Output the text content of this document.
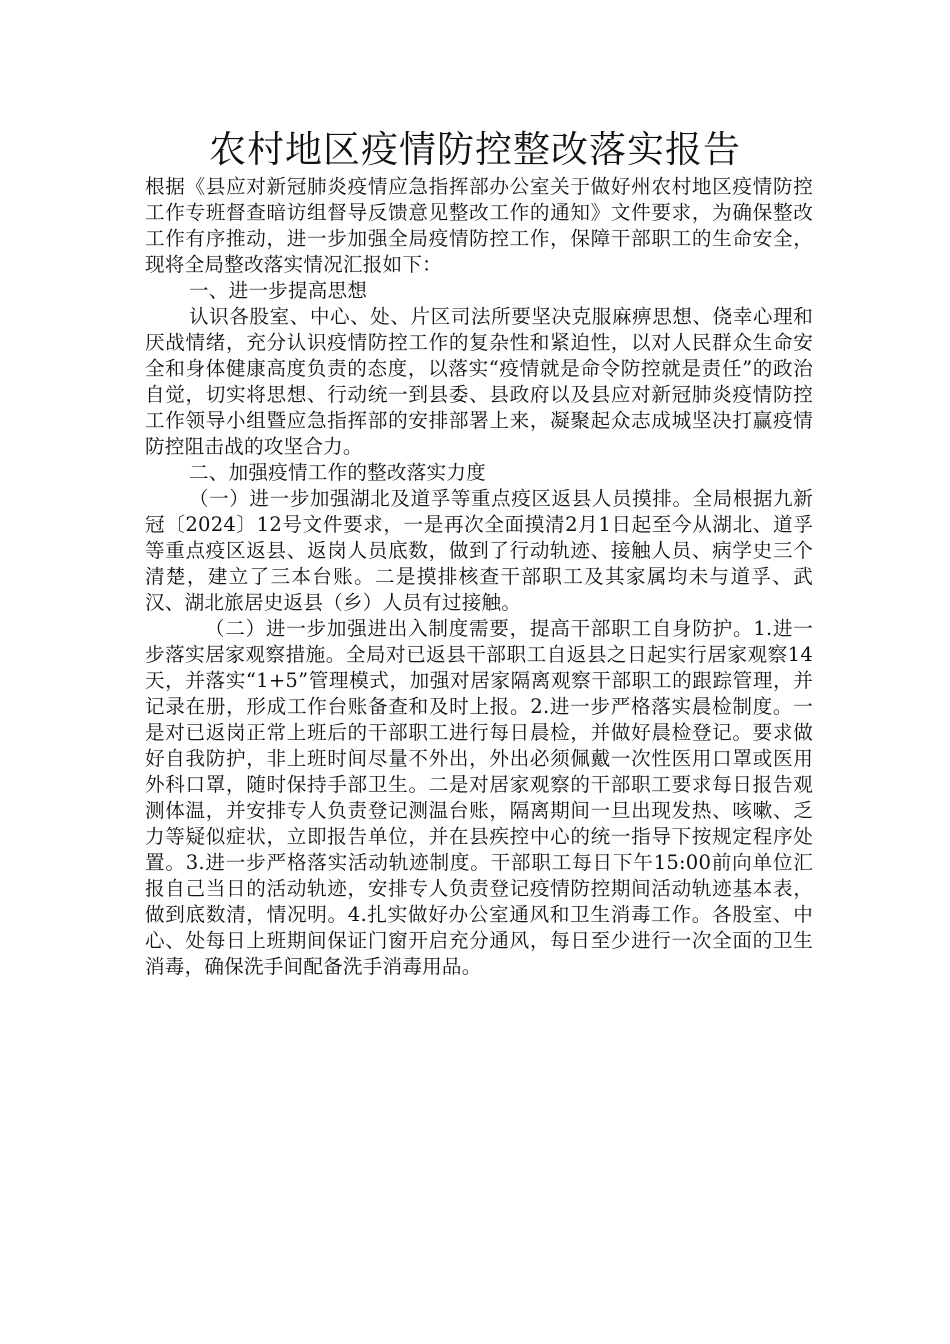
农村地区疫情防控整改落实报告

根据《县应对新冠肺炎疫情应急指挥部办公室关于做好州农村地区疫情防控工作专班督查暗访组督导反馈意见整改工作的通知》文件要求，为确保整改工作有序推动，进一步加强全局疫情防控工作，保障干部职工的生命安全，现将全局整改落实情况汇报如下：

一、进一步提高思想

认识各股室、中心、处、片区司法所要坚决克服麻痹思想、侥幸心理和厌战情绪，充分认识疫情防控工作的复杂性和紧迫性，以对人民群众生命安全和身体健康高度负责的态度，以落实“疫情就是命令防控就是责任”的政治自觉，切实将思想、行动统一到县委、县政府以及县应对新冠肺炎疫情防控工作领导小组暨应急指挥部的安排部署上来，凝聚起众志成城坚决打赢疫情防控阻击战的攻坚合力。

二、加强疫情工作的整改落实力度

（一）进一步加强湖北及道孚等重点疫区返县人员摸排。全局根据九新冠〔2024〕12号文件要求，一是再次全面摸清2月1日起至今从湖北、道孚等重点疫区返县、返岗人员底数，做到了行动轨迹、接触人员、病学史三个清楚，建立了三本台账。二是摸排核查干部职工及其家属均未与道孚、武汉、湖北旅居史返县（乡）人员有过接触。

（二）进一步加强进出入制度需要，提高干部职工自身防护。1.进一步落实居家观察措施。全局对已返县干部职工自返县之日起实行居家观察14天，并落实“1+5”管理模式，加强对居家隔离观察干部职工的跟踪管理，并记录在册，形成工作台账备查和及时上报。2.进一步严格落实晨检制度。一是对已返岗正常上班后的干部职工进行每日晨检，并做好晨检登记。要求做好自我防护，非上班时间尽量不外出，外出必须佩戴一次性医用口罩或医用外科口罩，随时保持手部卫生。二是对居家观察的干部职工要求每日报告观测体温，并安排专人负责登记测温台账，隔离期间一旦出现发热、咳嗽、乏力等疑似症状，立即报告单位，并在县疾控中心的统一指导下按规定程序处置。3.进一步严格落实活动轨迹制度。干部职工每日下午15:00前向单位汇报自己当日的活动轨迹，安排专人负责登记疫情防控期间活动轨迹基本表，做到底数清，情况明。4.扎实做好办公室通风和卫生消毒工作。各股室、中心、处每日上班期间保证门窗开启充分通风，每日至少进行一次全面的卫生消毒，确保洗手间配备洗手消毒用品。
